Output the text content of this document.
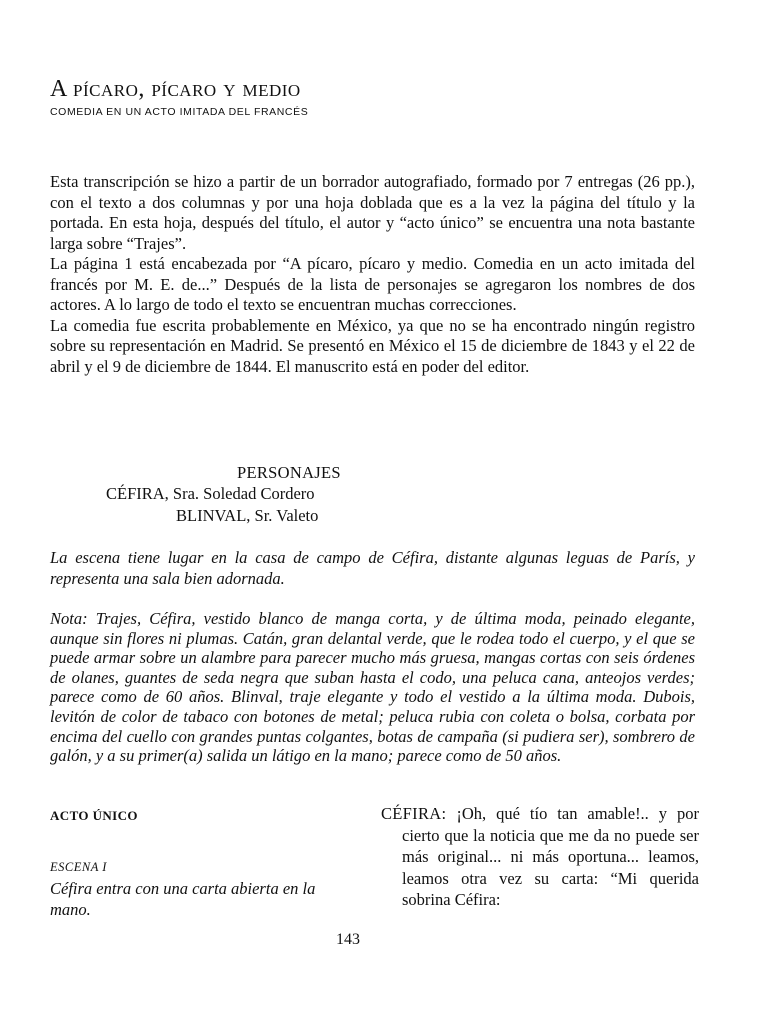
A pícaro, pícaro y medio
COMEDIA EN UN ACTO IMITADA DEL FRANCÉS

Esta transcripción se hizo a partir de un borrador autografiado, formado por 7 entregas (26 pp.), con el texto a dos columnas y por una hoja doblada que es a la vez la página del título y la portada. En esta hoja, después del título, el autor y “acto único” se encuentra una nota bastante larga sobre “Trajes”.

La página 1 está encabezada por “A pícaro, pícaro y medio. Comedia en un acto imitada del francés por M. E. de...” Después de la lista de personajes se agregaron los nombres de dos actores. A lo largo de todo el texto se encuentran muchas correcciones.

La comedia fue escrita probablemente en México, ya que no se ha encontrado ningún registro sobre su representación en Madrid. Se presentó en México el 15 de diciembre de 1843 y el 22 de abril y el 9 de diciembre de 1844. El manuscrito está en poder del editor.

PERSONAJES
CÉFIRA, Sra. Soledad Cordero
BLINVAL, Sr. Valeto

La escena tiene lugar en la casa de campo de Céfira, distante algunas leguas de París, y representa una sala bien adornada.

Nota: Trajes, Céfira, vestido blanco de manga corta, y de última moda, peinado elegante, aunque sin flores ni plumas. Catán, gran delantal verde, que le rodea todo el cuerpo, y el que se puede armar sobre un alambre para parecer mucho más gruesa, mangas cortas con seis órdenes de olanes, guantes de seda negra que suban hasta el codo, una peluca cana, anteojos verdes; parece como de 60 años. Blinval, traje elegante y todo el vestido a la última moda. Dubois, levitón de color de tabaco con botones de metal; peluca rubia con coleta o bolsa, corbata por encima del cuello con grandes puntas colgantes, botas de campaña (si pudiera ser), sombrero de galón, y a su primer(a) salida un látigo en la mano; parece como de 50 años.

ACTO ÚNICO
ESCENA I

Céfira entra con una carta abierta en la mano.

CÉFIRA: ¡Oh, qué tío tan amable!.. y por cierto que la noticia que me da no puede ser más original... ni más oportuna... leamos, leamos otra vez su carta: “Mi querida sobrina Céfira:
143
